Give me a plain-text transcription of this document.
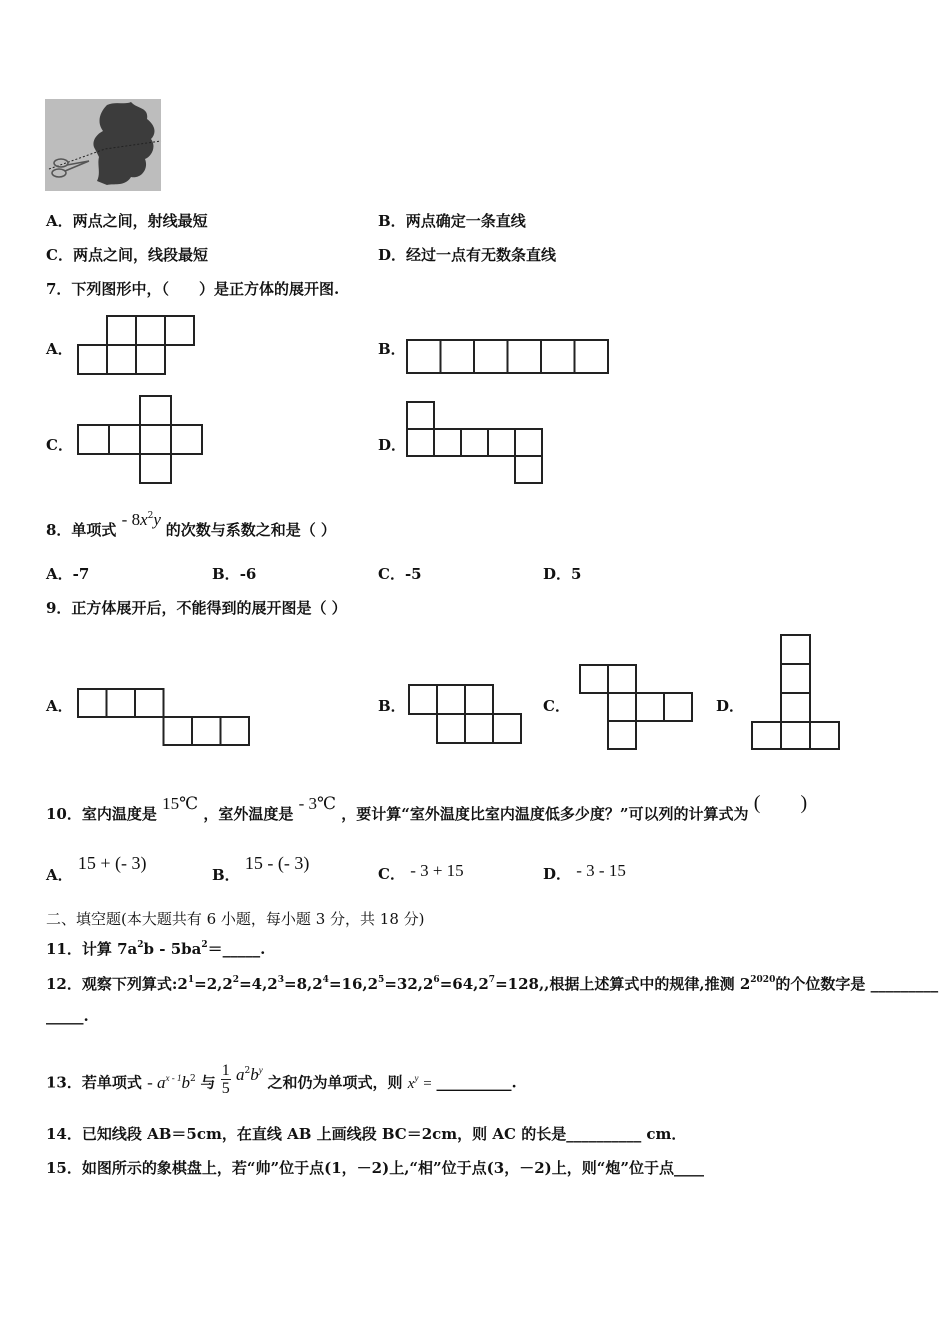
A．两点之间，射线最短	B．两点确定一条直线
C．两点之间，线段最短	D．经过一点有无数条直线
7．下列图形中，（　　）是正方体的展开图.
A．	B．
C．	D．
8．单项式 - $8x^2y$ 的次数与系数之和是（ ）
A．-7	B．-6	C．-5	D．5
9．正方体展开后，不能得到的展开图是（ ）
A．	B．	C．	D．
10．室内温度是 15℃ ，室外温度是 - 3℃ ，要计算“室外温度比室内温度低多少度？”可以列的计算式为 (　　)
A． 15 + (- 3)
B． 15 - (- 3)
C． - 3 + 15	D． - 3 - 15
二、填空题(本大题共有 6 小题，每小题 3 分，共 18 分)
11．计算 $7a^2b$ - $5ba^2=\_\_\_\_\_$.
12．观察下列算式$:2^1=2,2^2=4,2^3=8,2^4=16,2^5=32,2^6=64,2^7=128$,,根据上述算式中的规律,推测 $2^{2020}$的个位数字是 _________
_____.
13．若单项式 - $a^{x - 1}b^2$ 与 $\frac{1}{5} a^2b^y$ 之和仍为单项式，则 $x^y$ = __________.
14．已知线段 AB＝5cm，在直线 AB 上画线段 BC＝2cm，则 AC 的长是__________ cm．
15．如图所示的象棋盘上，若“帅”位于点(1，－2)上,“相”位于点(3，－2)上，则“炮”位于点____
